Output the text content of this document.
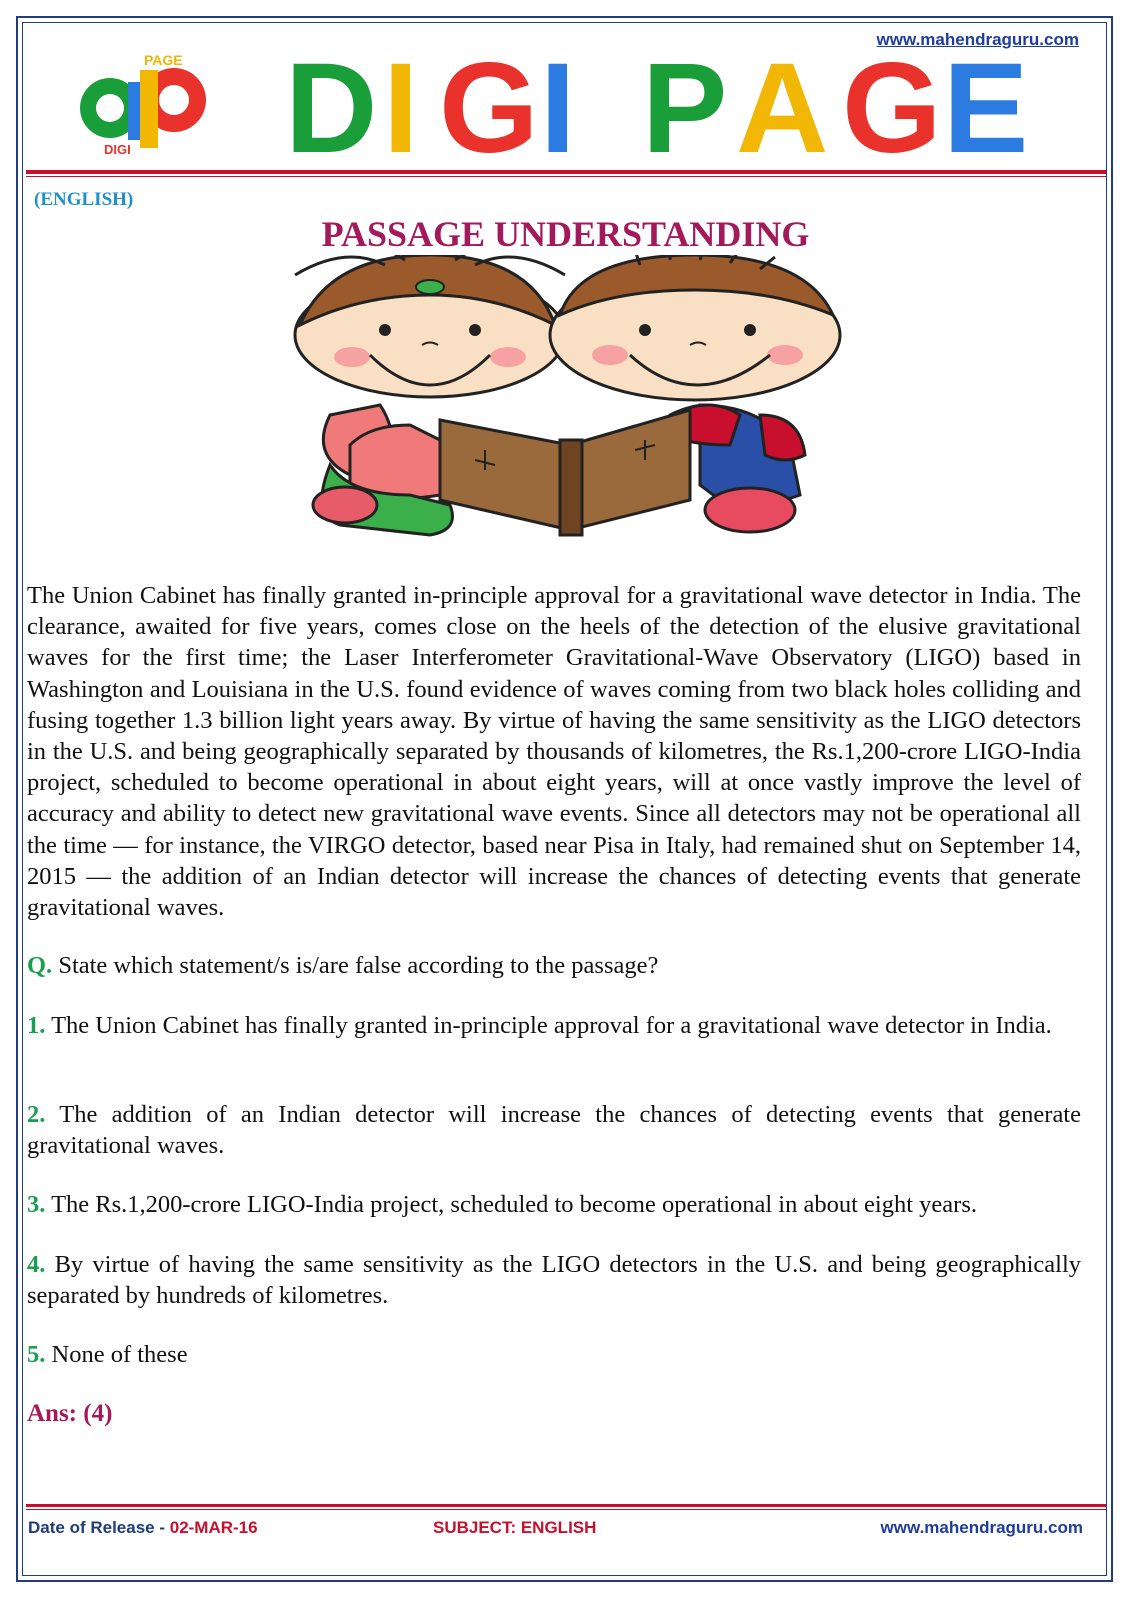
www.mahendraguru.com
PAGE
DIGI D I G I P A G E
(ENGLISH)
PASSAGE UNDERSTANDING
The Union Cabinet has finally granted in-principle approval for a gravitational wave detector in India. The clearance, awaited for five years, comes close on the heels of the detection of the elusive gravitational waves for the first time; the Laser Interferometer Gravitational-Wave Observatory (LIGO) based in Washington and Louisiana in the U.S. found evidence of waves coming from two black holes colliding and fusing together 1.3 billion light years away. By virtue of having the same sensitivity as the LIGO detectors in the U.S. and being geographically separated by thousands of kilometres, the Rs.1,200-crore LIGO-India project, scheduled to become operational in about eight years, will at once vastly improve the level of accuracy and ability to detect new gravitational wave events. Since all detectors may not be operational all the time — for instance, the VIRGO detector, based near Pisa in Italy, had remained shut on September 14, 2015 — the addition of an Indian detector will increase the chances of detecting events that generate gravitational waves.
Q. State which statement/s is/are false according to the passage?
1. The Union Cabinet has finally granted in-principle approval for a gravitational wave detector in India.
2. The addition of an Indian detector will increase the chances of detecting events that generate gravitational waves.
3. The Rs.1,200-crore LIGO-India project, scheduled to become operational in about eight years.
4. By virtue of having the same sensitivity as the LIGO detectors in the U.S. and being geographically separated by hundreds of kilometres.
5. None of these
Ans: (4)
Date of Release - 02-MAR-16	SUBJECT: ENGLISH	www.mahendraguru.com
